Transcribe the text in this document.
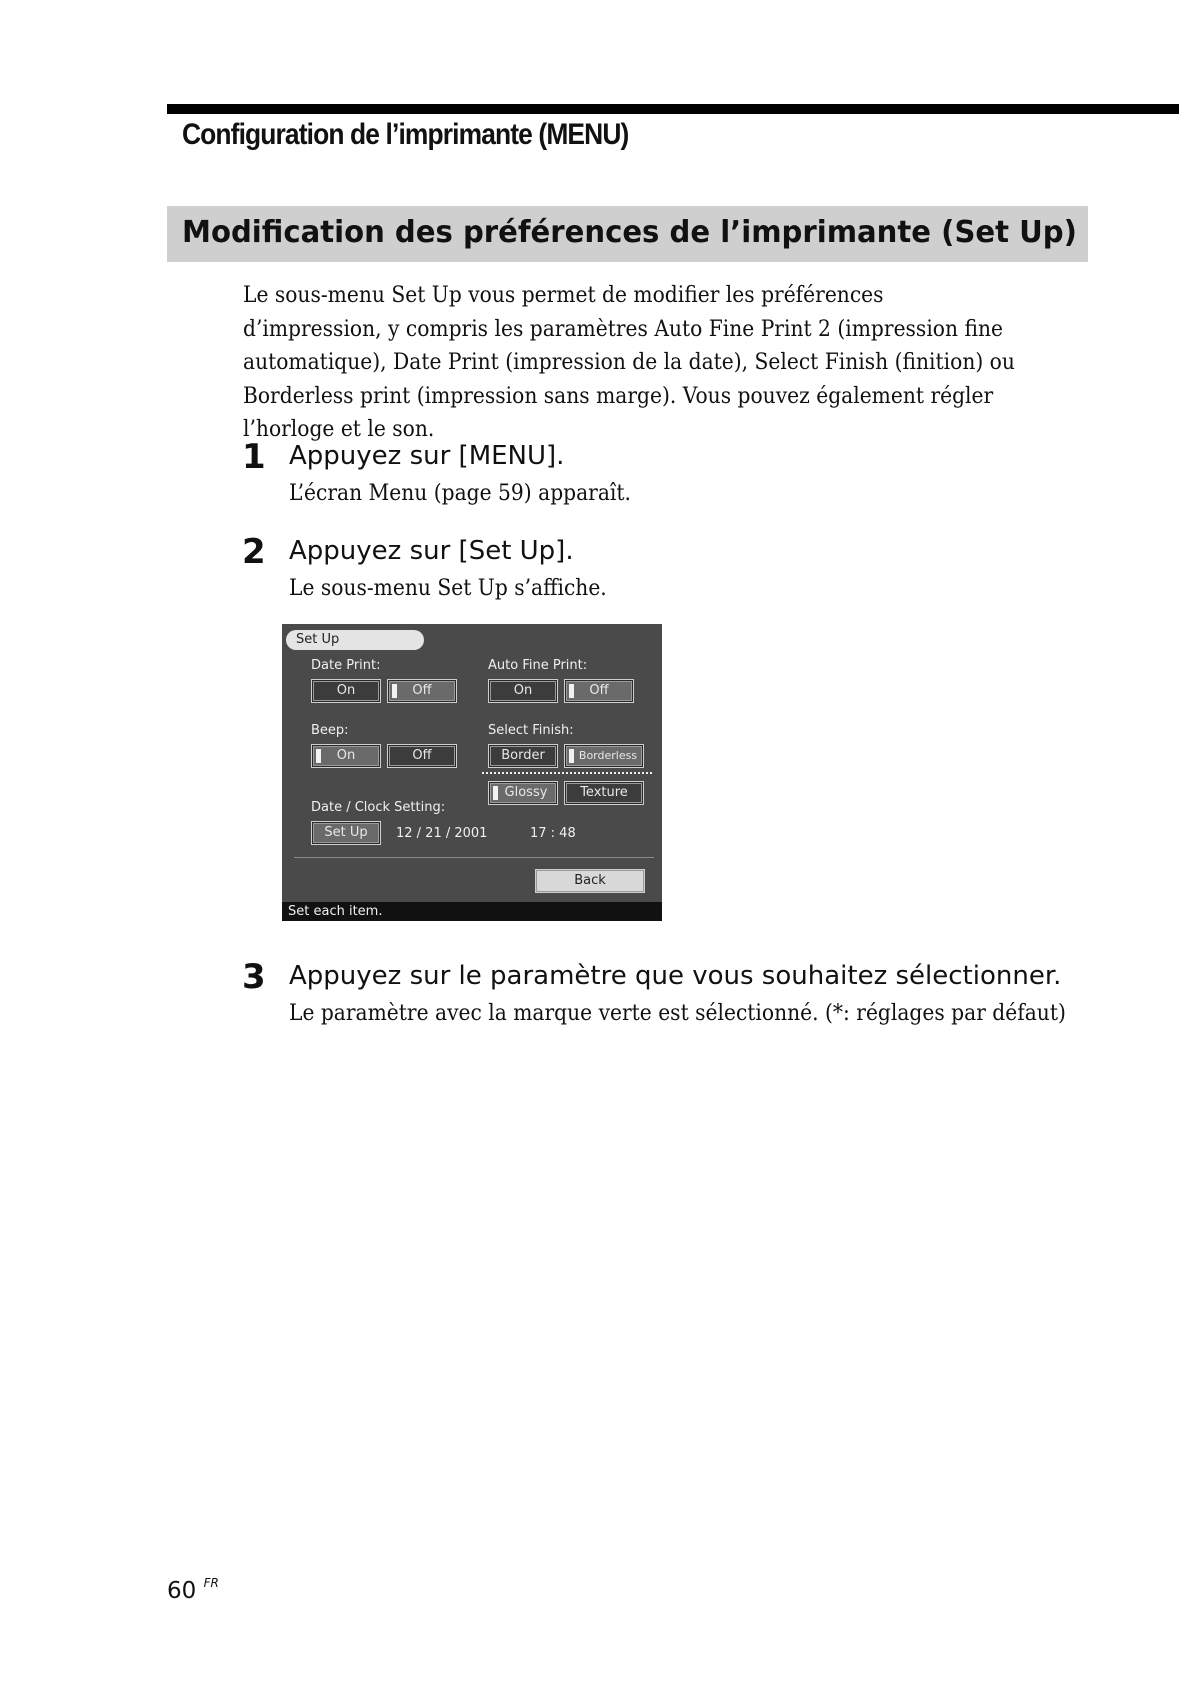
Configuration de l’imprimante (MENU)
Modification des préférences de l’imprimante (Set Up)
Le sous-menu Set Up vous permet de modifier les préférences d’impression, y compris les paramètres Auto Fine Print 2 (impression fine automatique), Date Print (impression de la date), Select Finish (finition) ou Borderless print (impression sans marge). Vous pouvez également régler l’horloge et le son.
1 Appuyez sur [MENU].
L’écran Menu (page 59) apparaît.
2 Appuyez sur [Set Up].
Le sous-menu Set Up s’affiche.
Set Up
Date Print:
On	Off
Auto Fine Print:
On	Off
Beep:
On	Off
Select Finish:
Border	Borderless
Glossy	Texture
Date / Clock Setting:
Set Up	12 / 21 / 2001	17 : 48
Back
Set each item.
3 Appuyez sur le paramètre que vous souhaitez sélectionner.
Le paramètre avec la marque verte est sélectionné. (*: réglages par défaut)
60 $^{FR}$
